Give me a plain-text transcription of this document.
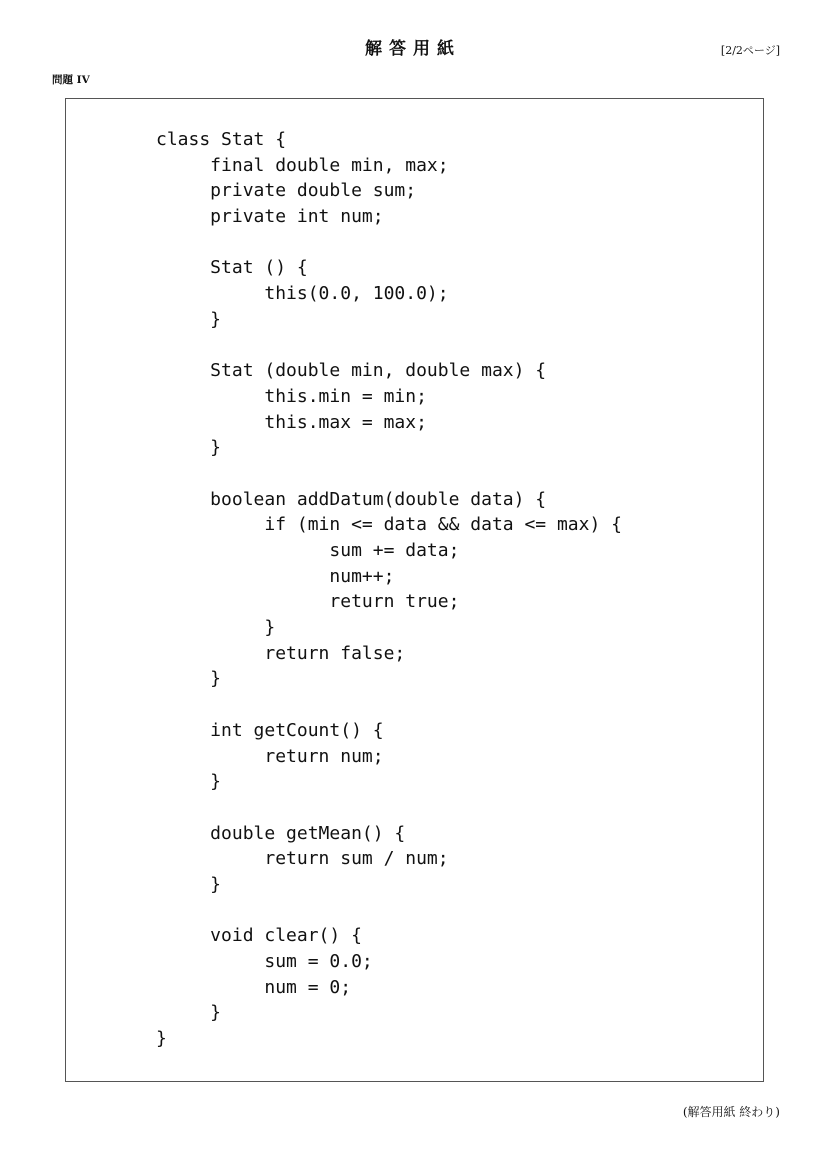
解答用紙	[2/2ページ]
問題 IV
class Stat {
final double min, max;
private double sum;
private int num;
Stat () {
this(0.0, 100.0);
}
Stat (double min, double max) {
this.min = min;
this.max = max;
}
boolean addDatum(double data) {
if (min <= data && data <= max) {
sum += data;
num++;
return true;
}
return false;
}
int getCount() {
return num;
}
double getMean() {
return sum / num;
}
void clear() {
sum = 0.0;
num = 0;
}
}
(解答用紙 終わり)
